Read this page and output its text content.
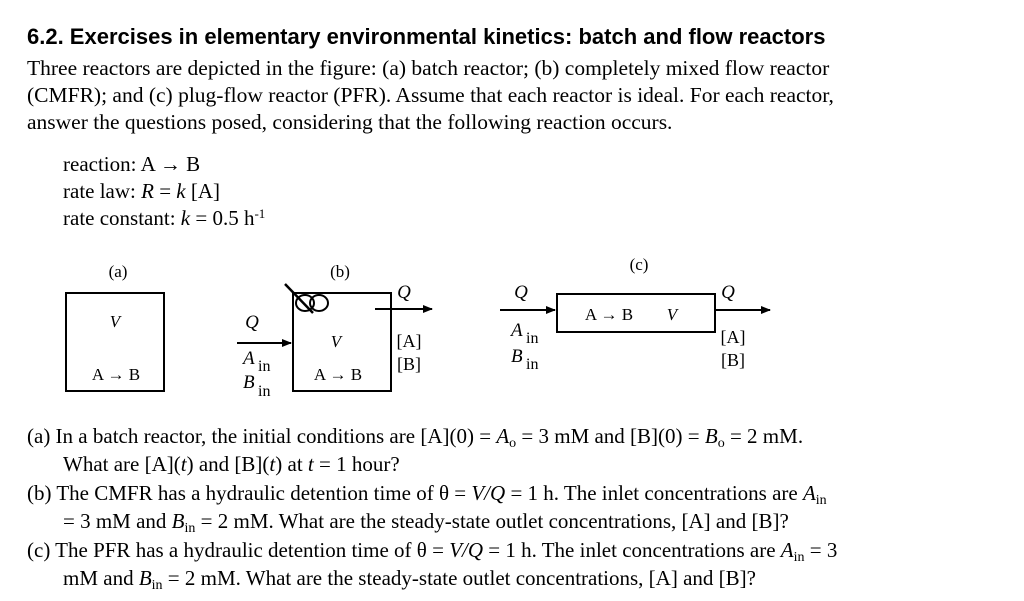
6.2. Exercises in elementary environmental kinetics: batch and flow reactors
Three reactors are depicted in the figure: (a) batch reactor; (b) completely mixed flow reactor
(CMFR); and (c) plug-flow reactor (PFR). Assume that each reactor is ideal. For each reactor,
answer the questions posed, considering that the following reaction occurs.
reaction: A → B
rate law: R = k [A]
rate constant: k = 0.5 $h^{-1}$
(a)
V
A → B
(b)
V
A → B
Q
A in
B in
Q
[A]
[B]
(c)
A → B V
Q
A in
B in
Q
[A]
[B]
(a) In a batch reactor, the initial conditions are $[A](0) = A_o = 3$ mM and $[B](0) = B_o = 2$ mM.
What are [A](t) and [B](t) at t = 1 hour?
(b) The CMFR has a hydraulic detention time of θ = V/Q = 1 h. The inlet concentrations are $A_{in}$
= 3 mM and $B_{in} = 2$ mM. What are the steady-state outlet concentrations, [A] and [B]?
(c) The PFR has a hydraulic detention time of θ = V/Q = 1 h. The inlet concentrations are $A_{in} = 3$
mM and $B_{in} = 2$ mM. What are the steady-state outlet concentrations, [A] and [B]?
